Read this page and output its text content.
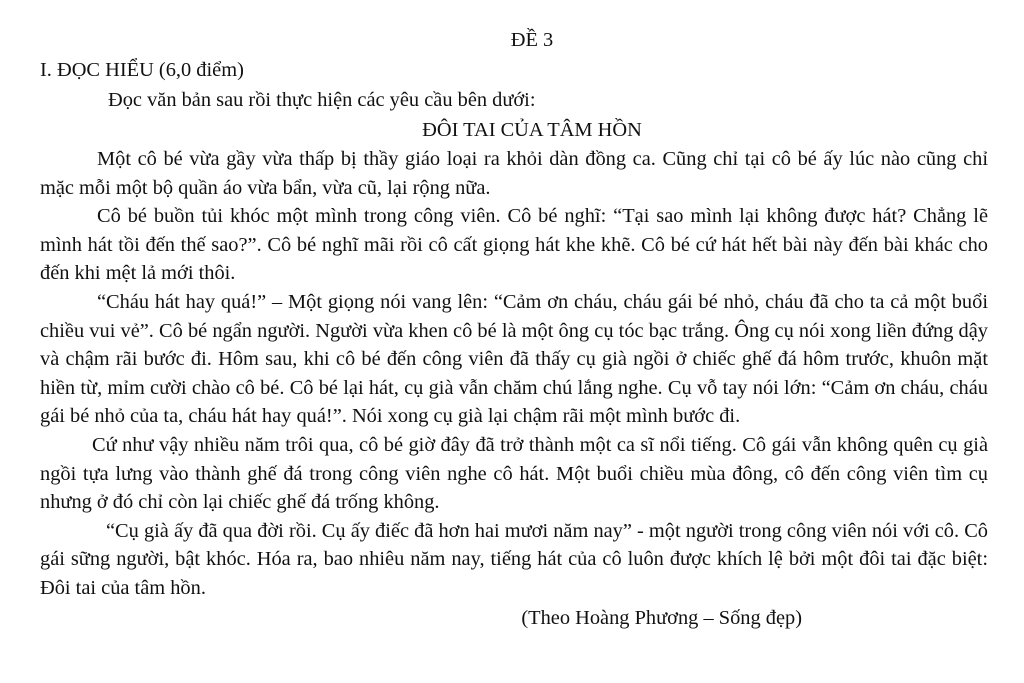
ĐỀ 3

I. ĐỌC HIỂU (6,0 điểm)

Đọc văn bản sau rồi thực hiện các yêu cầu bên dưới:

ĐÔI TAI CỦA TÂM HỒN

Một cô bé vừa gầy vừa thấp bị thầy giáo loại ra khỏi dàn đồng ca. Cũng chỉ tại cô bé ấy lúc nào cũng chỉ mặc mỗi một bộ quần áo vừa bẩn, vừa cũ, lại rộng nữa.

Cô bé buồn tủi khóc một mình trong công viên. Cô bé nghĩ: “Tại sao mình lại không được hát? Chẳng lẽ mình hát tồi đến thế sao?”. Cô bé nghĩ mãi rồi cô cất giọng hát khe khẽ. Cô bé cứ hát hết bài này đến bài khác cho đến khi mệt lả mới thôi.

“Cháu hát hay quá!” – Một giọng nói vang lên: “Cảm ơn cháu, cháu gái bé nhỏ, cháu đã cho ta cả một buổi chiều vui vẻ”. Cô bé ngẩn người. Người vừa khen cô bé là một ông cụ tóc bạc trắng. Ông cụ nói xong liền đứng dậy và chậm rãi bước đi. Hôm sau, khi cô bé đến công viên đã thấy cụ già ngồi ở chiếc ghế đá hôm trước, khuôn mặt hiền từ, mỉm cười chào cô bé. Cô bé lại hát, cụ già vẫn chăm chú lắng nghe. Cụ vỗ tay nói lớn: “Cảm ơn cháu, cháu gái bé nhỏ của ta, cháu hát hay quá!”. Nói xong cụ già lại chậm rãi một mình bước đi.

Cứ như vậy nhiều năm trôi qua, cô bé giờ đây đã trở thành một ca sĩ nổi tiếng. Cô gái vẫn không quên cụ già ngồi tựa lưng vào thành ghế đá trong công viên nghe cô hát. Một buổi chiều mùa đông, cô đến công viên tìm cụ nhưng ở đó chỉ còn lại chiếc ghế đá trống không.

“Cụ già ấy đã qua đời rồi. Cụ ấy điếc đã hơn hai mươi năm nay” - một người trong công viên nói với cô. Cô gái sững người, bật khóc. Hóa ra, bao nhiêu năm nay, tiếng hát của cô luôn được khích lệ bởi một đôi tai đặc biệt: Đôi tai của tâm hồn.

(Theo Hoàng Phương – Sống đẹp)
